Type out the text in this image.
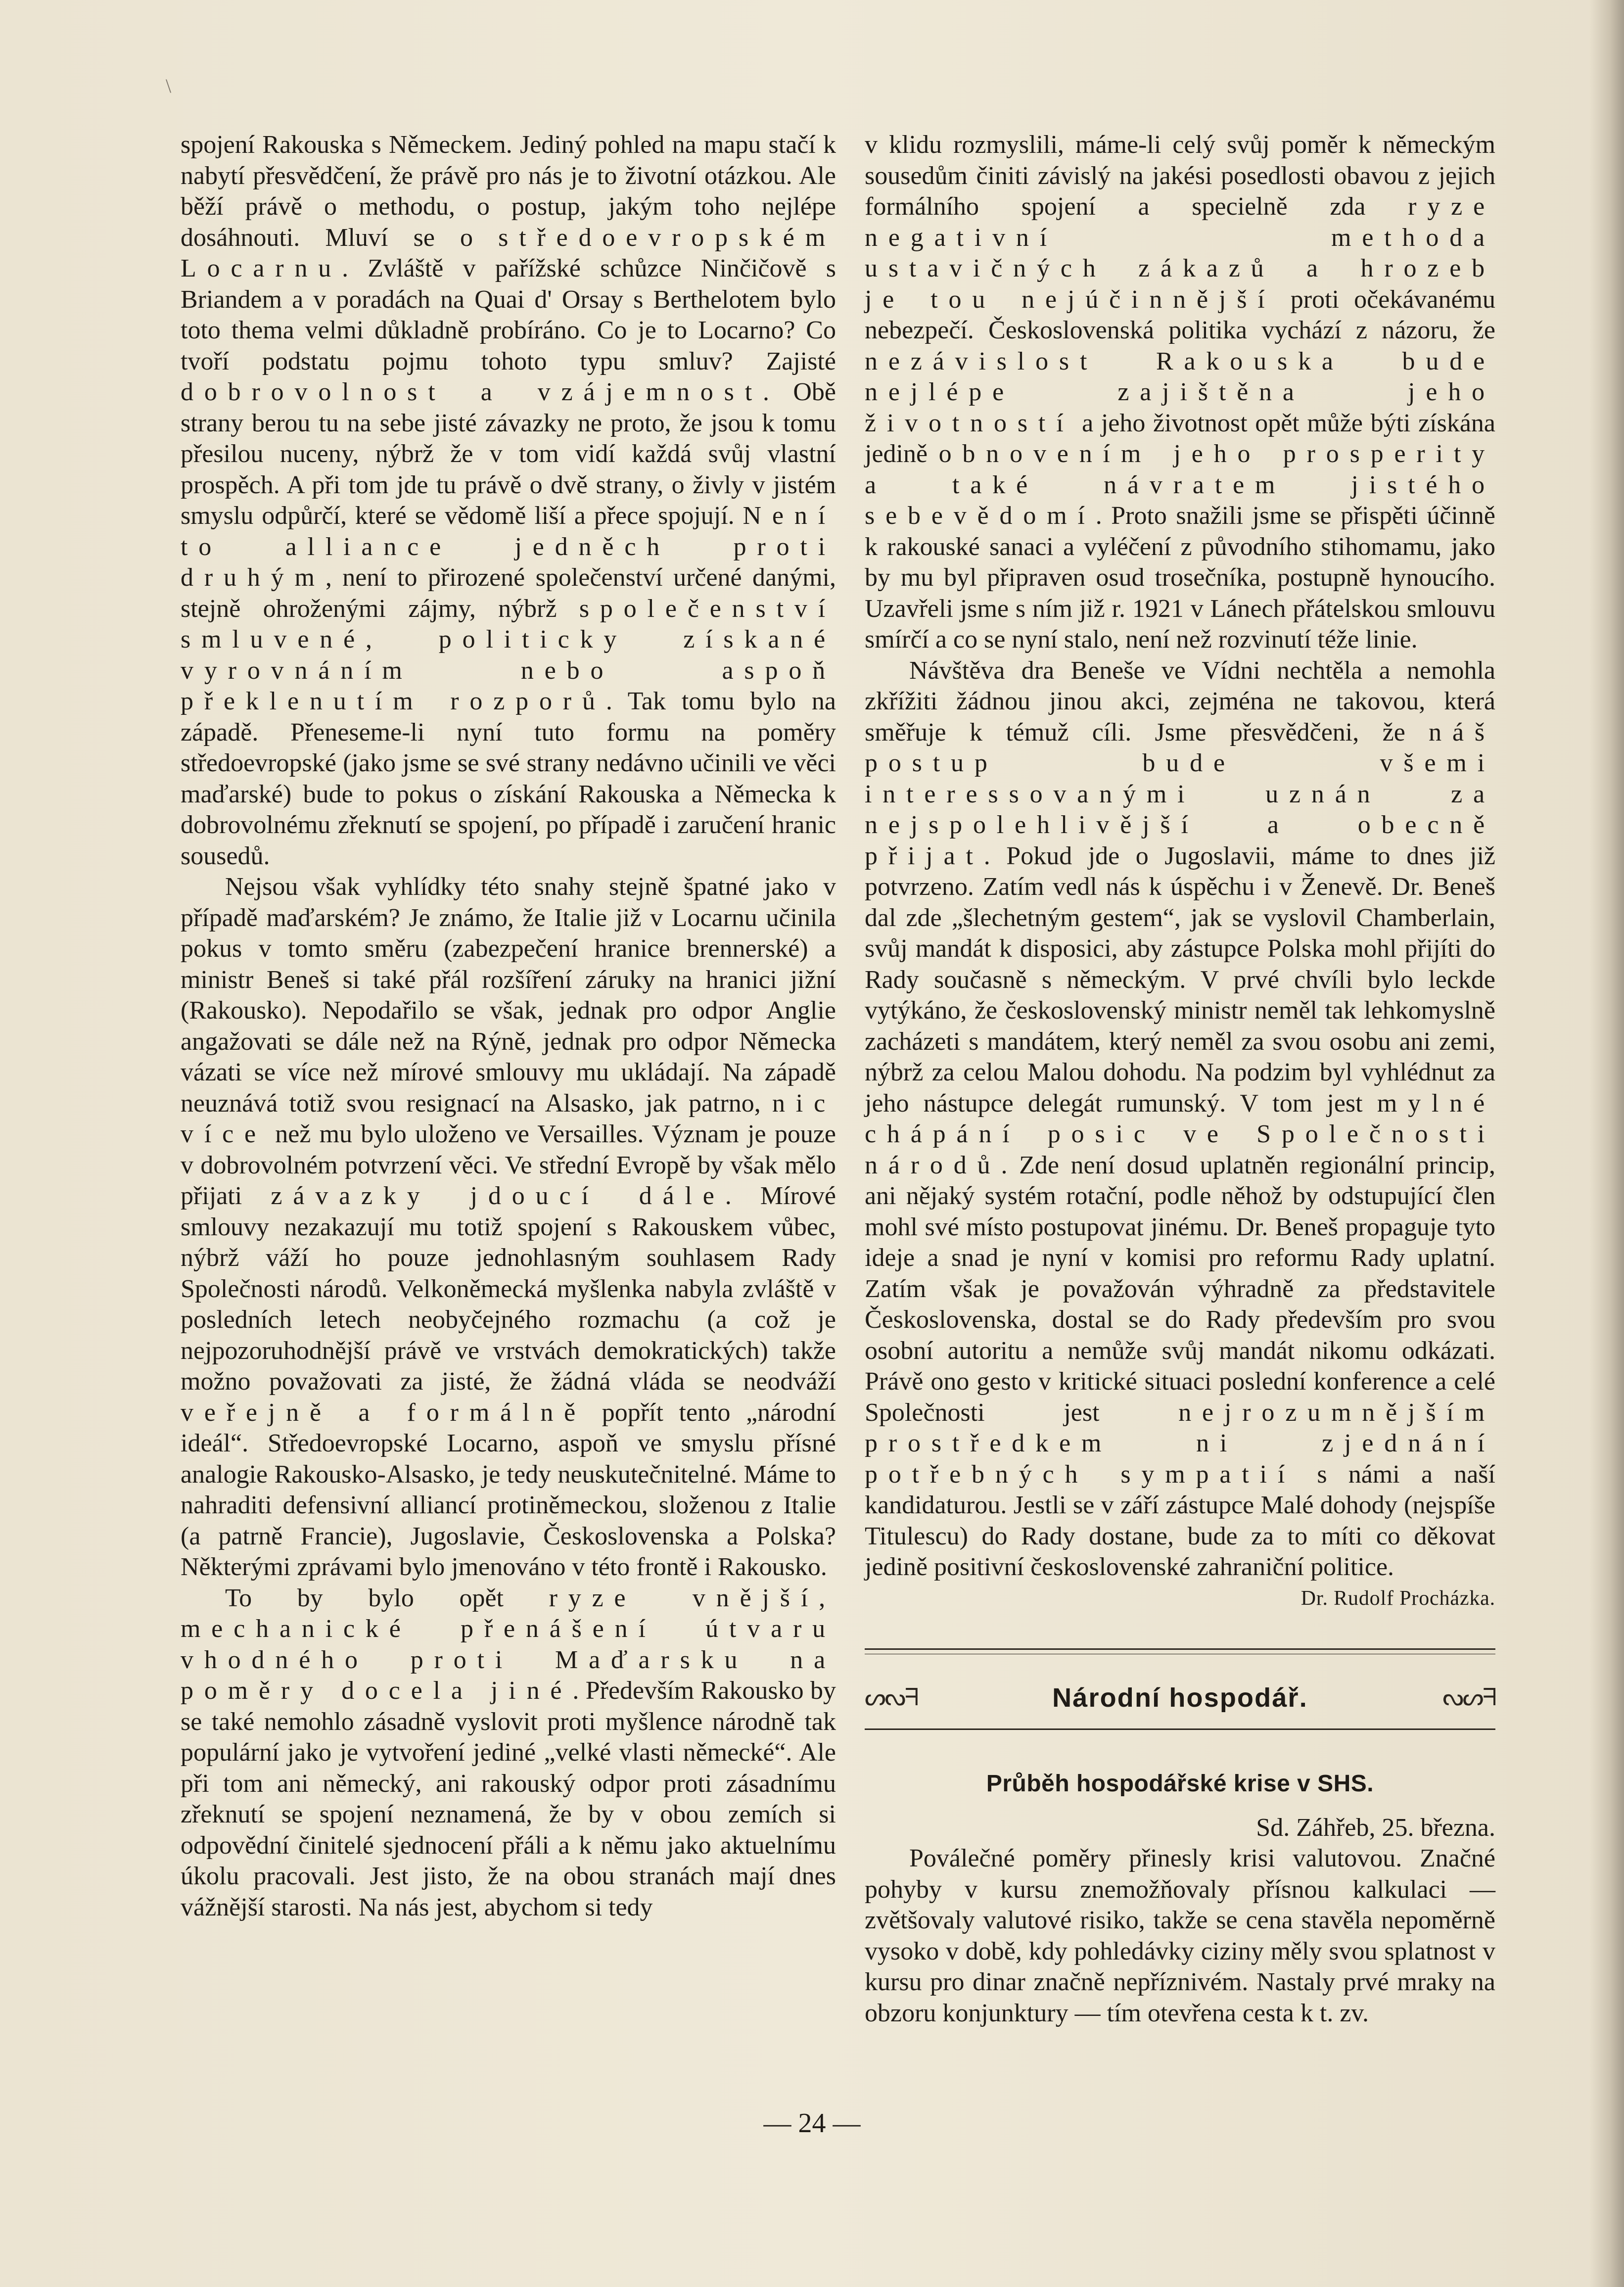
\

spojení Rakouska s Německem. Jediný pohled na mapu stačí k nabytí přesvědčení, že právě pro nás je to životní otázkou. Ale běží právě o methodu, o postup, jakým toho nejlépe dosáhnouti. Mluví se o středoevropském Locarnu. Zvláště v pařížské schůzce Ninčičově s Briandem a v poradách na Quai d' Orsay s Berthelotem bylo toto thema velmi důkladně probíráno. Co je to Locarno? Co tvoří podstatu pojmu tohoto typu smluv? Zajisté dobrovolnost a vzájemnost. Obě strany berou tu na sebe jisté závazky ne proto, že jsou k tomu přesilou nuceny, nýbrž že v tom vidí každá svůj vlastní prospěch. A při tom jde tu právě o dvě strany, o živly v jistém smyslu odpůrčí, které se vědomě liší a přece spojují. Není to alliance jedněch proti druhým, není to přirozené společenství určené danými, stejně ohroženými zájmy, nýbrž společenství smluvené, politicky získané vyrovnáním nebo aspoň překlenutím rozporů. Tak tomu bylo na západě. Přeneseme-li nyní tuto formu na poměry středoevropské (jako jsme se své strany nedávno učinili ve věci maďarské) bude to pokus o získání Rakouska a Německa k dobrovolnému zřeknutí se spojení, po případě i zaručení hranic sousedů.

Nejsou však vyhlídky této snahy stejně špatné jako v případě maďarském? Je známo, že Italie již v Locarnu učinila pokus v tomto směru (zabezpečení hranice brennerské) a ministr Beneš si také přál rozšíření záruky na hranici jižní (Rakousko). Nepodařilo se však, jednak pro odpor Anglie angažovati se dále než na Rýně, jednak pro odpor Německa vázati se více než mírové smlouvy mu ukládají. Na západě neuznává totiž svou resignací na Alsasko, jak patrno, nic více než mu bylo uloženo ve Versailles. Význam je pouze v dobrovolném potvrzení věci. Ve střední Evropě by však mělo přijati závazky jdoucí dále. Mírové smlouvy nezakazují mu totiž spojení s Rakouskem vůbec, nýbrž váží ho pouze jednohlasným souhlasem Rady Společnosti národů. Velkoněmecká myšlenka nabyla zvláště v posledních letech neobyčejného rozmachu (a což je nejpozoruhodnější právě ve vrstvách demokratických) takže možno považovati za jisté, že žádná vláda se neodváží veřejně a formálně popřít tento „národní ideál“. Středoevropské Locarno, aspoň ve smyslu přísné analogie Rakousko-Alsasko, je tedy neuskutečnitelné. Máme to nahraditi defensivní alliancí protiněmeckou, složenou z Italie (a patrně Francie), Jugoslavie, Československa a Polska? Některými zprávami bylo jmenováno v této frontě i Rakousko.

To by bylo opět ryze vnější, mechanické přenášení útvaru vhodného proti Maďarsku na poměry docela jiné. Především Rakousko by se také nemohlo zásadně vyslovit proti myšlence národně tak populární jako je vytvoření jediné „velké vlasti německé“. Ale při tom ani německý, ani rakouský odpor proti zásadnímu zřeknutí se spojení neznamená, že by v obou zemích si odpovědní činitelé sjednocení přáli a k němu jako aktuelnímu úkolu pracovali. Jest jisto, že na obou stranách mají dnes vážnější starosti. Na nás jest, abychom si tedy

v klidu rozmyslili, máme-li celý svůj poměr k německým sousedům činiti závislý na jakési posedlosti obavou z jejich formálního spojení a specielně zda ryze negativní methoda ustavičných zákazů a hrozeb je tou nejúčinnější proti očekávanému nebezpečí. Československá politika vychází z názoru, že nezávislost Rakouska bude nejlépe zajištěna jeho životností a jeho životnost opět může býti získána jedině obnovením jeho prosperity a také návratem jistého sebevědomí. Proto snažili jsme se přispěti účinně k rakouské sanaci a vyléčení z původního stihomamu, jako by mu byl připraven osud trosečníka, postupně hynoucího. Uzavřeli jsme s ním již r. 1921 v Lánech přátelskou smlouvu smírčí a co se nyní stalo, není než rozvinutí téže linie.

Návštěva dra Beneše ve Vídni nechtěla a nemohla zkřížiti žádnou jinou akci, zejména ne takovou, která směřuje k témuž cíli. Jsme přesvědčeni, že náš postup bude všemi interessovanými uznán za nejspolehlivější a obecně přijat. Pokud jde o Jugoslavii, máme to dnes již potvrzeno. Zatím vedl nás k úspěchu i v Ženevě. Dr. Beneš dal zde „šlechetným gestem“, jak se vyslovil Chamberlain, svůj mandát k disposici, aby zástupce Polska mohl přijíti do Rady současně s německým. V prvé chvíli bylo leckde vytýkáno, že československý ministr neměl tak lehkomyslně zacházeti s mandátem, který neměl za svou osobu ani zemi, nýbrž za celou Malou dohodu. Na podzim byl vyhlédnut za jeho nástupce delegát rumunský. V tom jest mylné chápání posic ve Společnosti národů. Zde není dosud uplatněn regionální princip, ani nějaký systém rotační, podle něhož by odstupující člen mohl své místo postupovat jinému. Dr. Beneš propaguje tyto ideje a snad je nyní v komisi pro reformu Rady uplatní. Zatím však je považován výhradně za představitele Československa, dostal se do Rady především pro svou osobní autoritu a nemůže svůj mandát nikomu odkázati. Právě ono gesto v kritické situaci poslední konference a celé Společnosti jest nejrozumnějším prostředkem ni zjednání potřebných sympatií s námi a naší kandidaturou. Jestli se v září zástupce Malé dohody (nejspíše Titulescu) do Rady dostane, bude za to míti co děkovat jedině positivní československé zahraniční politice.

Dr. Rudolf Procházka.
ᔕᔓᖷ	Národní hospodář.	ᔓᔕᖷ
Průběh hospodářské krise v SHS.
Sd. Záhřeb, 25. března.

Poválečné poměry přinesly krisi valutovou. Značné pohyby v kursu znemožňovaly přísnou kalkulaci — zvětšovaly valutové risiko, takže se cena stavěla nepoměrně vysoko v době, kdy pohledávky ciziny měly svou splatnost v kursu pro dinar značně nepříznivém. Nastaly prvé mraky na obzoru konjunktury — tím otevřena cesta k t. zv.

— 24 —
